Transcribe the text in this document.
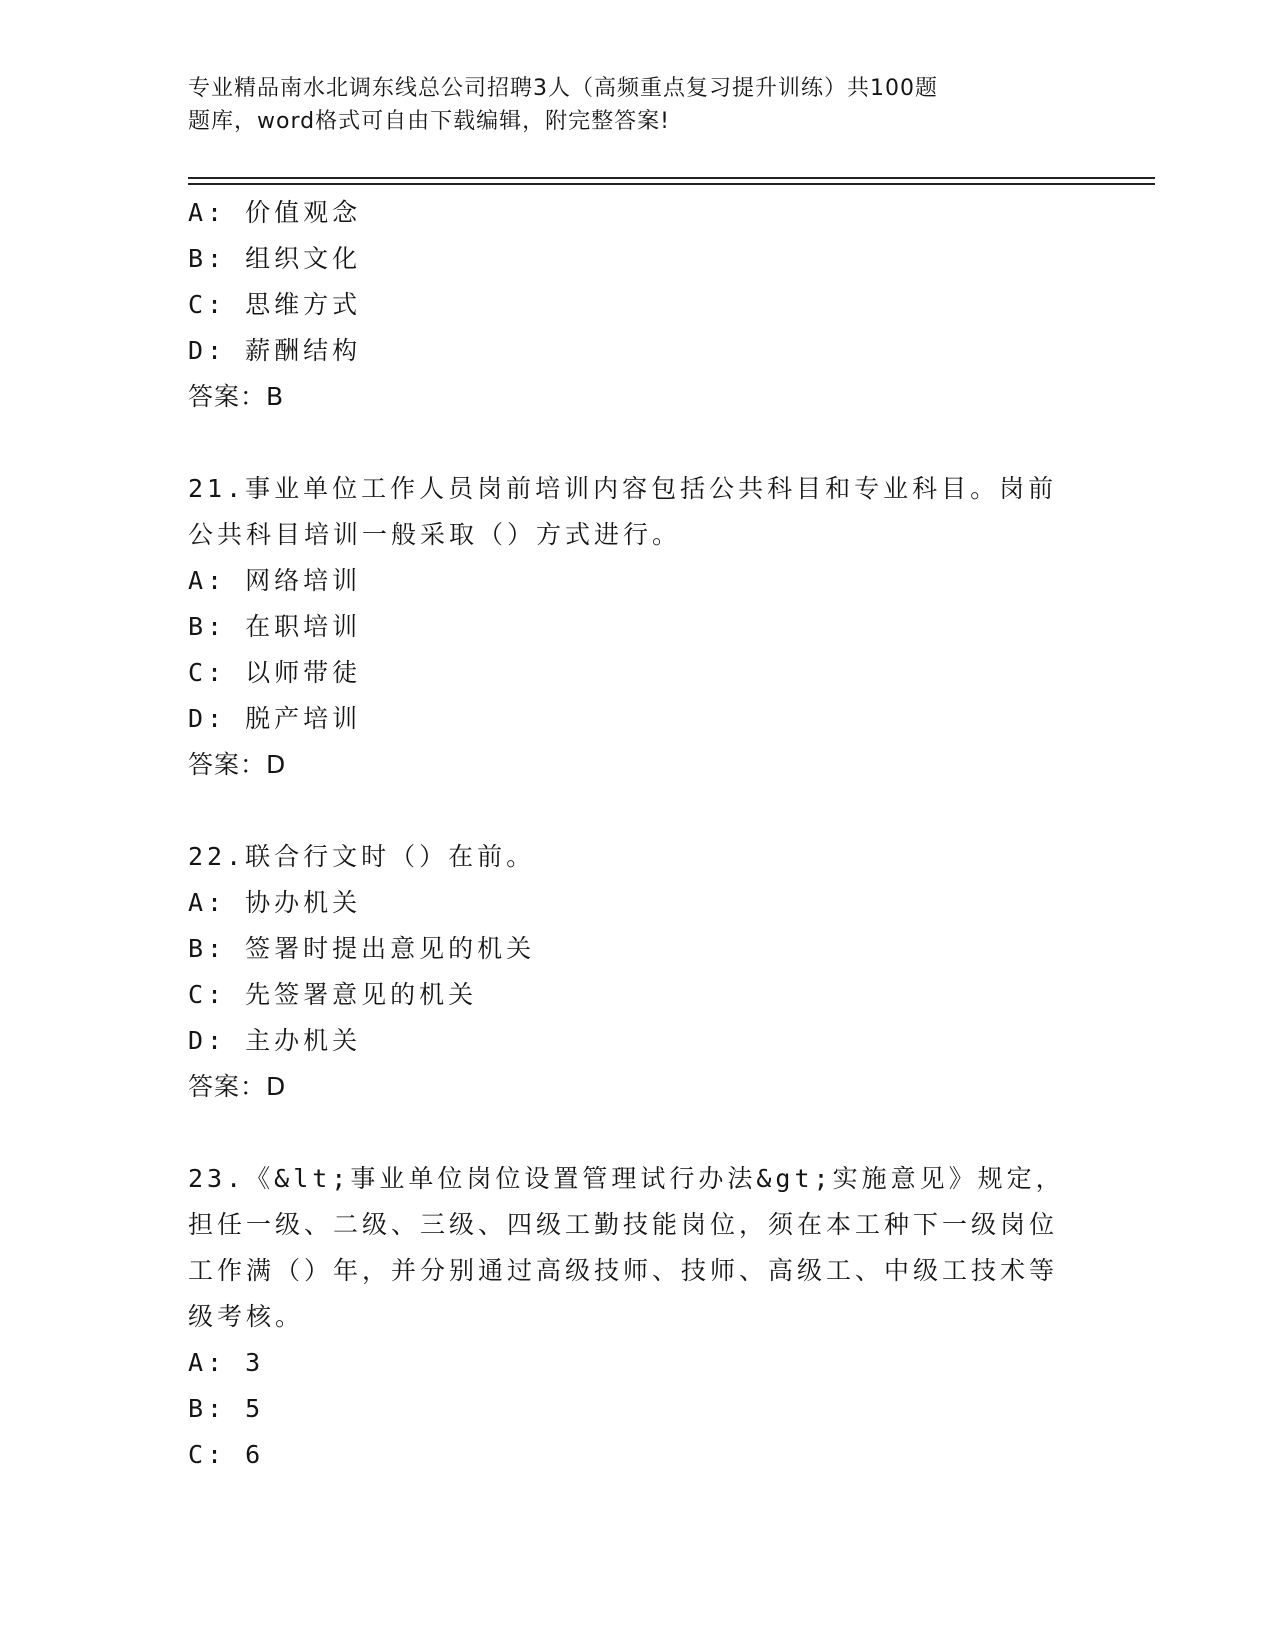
专业精品南水北调东线总公司招聘3人（高频重点复习提升训练）共100题
题库，word格式可自由下载编辑，附完整答案!
A: 价值观念
B: 组织文化
C: 思维方式
D: 薪酬结构
答案：B
21.事业单位工作人员岗前培训内容包括公共科目和专业科目。岗前公共科目培训一般采取（）方式进行。
A: 网络培训
B: 在职培训
C: 以师带徒
D: 脱产培训
答案：D
22.联合行文时（）在前。
A: 协办机关
B: 签署时提出意见的机关
C: 先签署意见的机关
D: 主办机关
答案：D
23.《&lt;事业单位岗位设置管理试行办法&gt;实施意见》规定，担任一级、二级、三级、四级工勤技能岗位，须在本工种下一级岗位工作满（）年，并分别通过高级技师、技师、高级工、中级工技术等级考核。
A: 3
B: 5
C: 6
